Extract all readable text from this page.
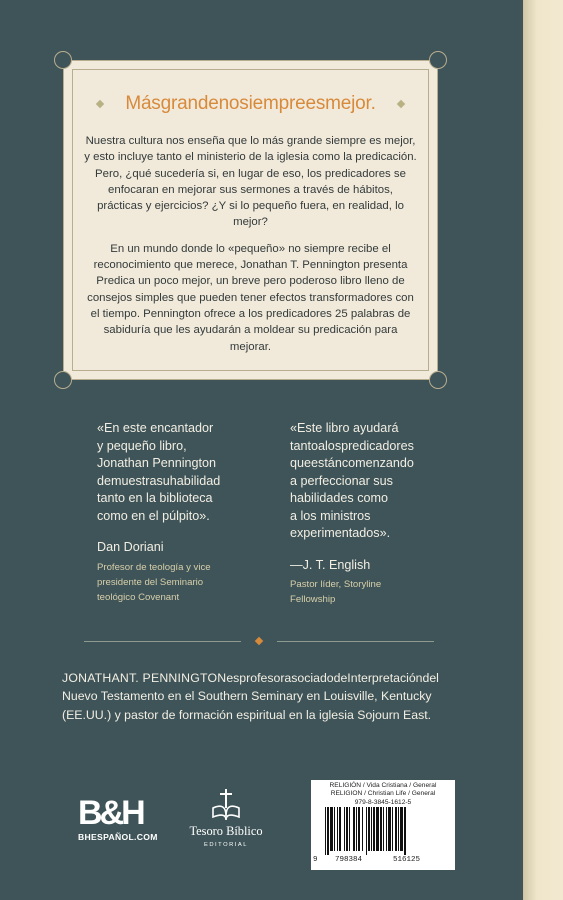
Másgrandenosiempreesmejor.

Nuestra cultura nos enseña que lo más grande siempre es mejor, y esto incluye tanto el ministerio de la iglesia como la predicación. Pero, ¿qué sucedería si, en lugar de eso, los predicadores se enfocaran en mejorar sus sermones a través de hábitos, prácticas y ejercicios? ¿Y si lo pequeño fuera, en realidad, lo mejor?

En un mundo donde lo «pequeño» no siempre recibe el reconocimiento que merece, Jonathan T. Pennington presenta Predica un poco mejor, un breve pero poderoso libro lleno de consejos simples que pueden tener efectos transformadores con el tiempo. Pennington ofrece a los predicadores 25 palabras de sabiduría que les ayudarán a moldear su predicación para mejorar.

«En este encantador
y pequeño libro,
Jonathan Pennington
demuestrasuhabilidad
tanto en la biblioteca
como en el púlpito».
Dan Doriani
Profesor de teología y vice
presidente del Seminario
teológico Covenant
«Este libro ayudará
tantoalospredicadores
queestáncomenzando
a perfeccionar sus
habilidades como
a los ministros
experimentados».
—J. T. English
Pastor líder, Storyline
Fellowship
JONATHANT. PENNINGTONesprofesorasociadodeInterpretacióndel
Nuevo Testamento en el Southern Seminary en Louisville, Kentucky
(EE.UU.) y pastor de formación espiritual en la iglesia Sojourn East.
B&H
BHESPAÑOL.COM	Tesoro Bíblico
EDITORIAL
RELIGIÓN / Vida Cristiana / General
RELIGION / Christian Life / General
979-8-3845-1612-5
9 798384	516125
